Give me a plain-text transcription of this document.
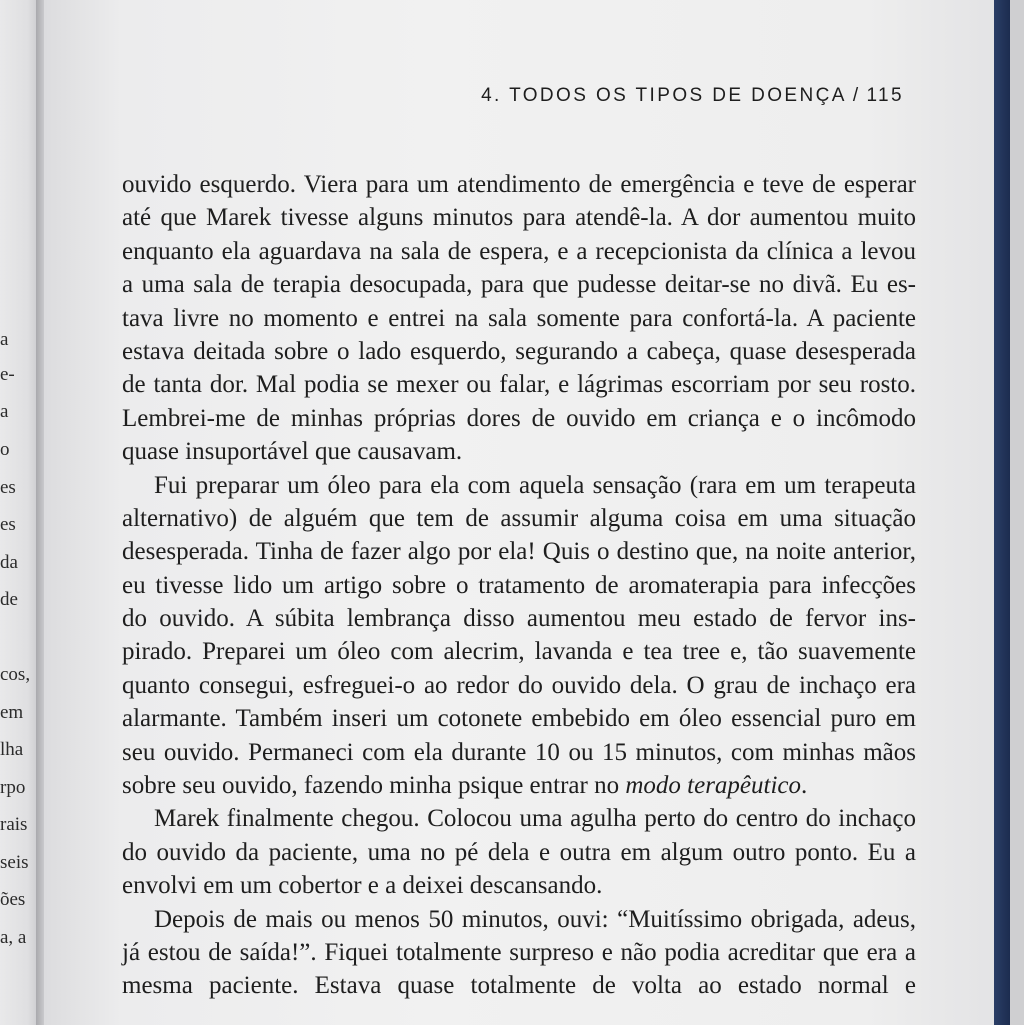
a
e-
a
o
es
es
da
de
cos,
em
lha
rpo
rais
seis
ões
a, a
4. TODOS OS TIPOS DE DOENÇA / 115
ouvido esquerdo. Viera para um atendimento de emergência e teve de esperar
até que Marek tivesse alguns minutos para atendê-la. A dor aumentou muito
enquanto ela aguardava na sala de espera, e a recepcionista da clínica a levou
a uma sala de terapia desocupada, para que pudesse deitar-se no divã. Eu es-
tava livre no momento e entrei na sala somente para confortá-la. A paciente
estava deitada sobre o lado esquerdo, segurando a cabeça, quase desesperada
de tanta dor. Mal podia se mexer ou falar, e lágrimas escorriam por seu rosto.
Lembrei-me de minhas próprias dores de ouvido em criança e o incômodo
quase insuportável que causavam.
Fui preparar um óleo para ela com aquela sensação (rara em um terapeuta
alternativo) de alguém que tem de assumir alguma coisa em uma situação
desesperada. Tinha de fazer algo por ela! Quis o destino que, na noite anterior,
eu tivesse lido um artigo sobre o tratamento de aromaterapia para infecções
do ouvido. A súbita lembrança disso aumentou meu estado de fervor ins-
pirado. Preparei um óleo com alecrim, lavanda e tea tree e, tão suavemente
quanto consegui, esfreguei-o ao redor do ouvido dela. O grau de inchaço era
alarmante. Também inseri um cotonete embebido em óleo essencial puro em
seu ouvido. Permaneci com ela durante 10 ou 15 minutos, com minhas mãos
sobre seu ouvido, fazendo minha psique entrar no modo terapêutico.
Marek finalmente chegou. Colocou uma agulha perto do centro do inchaço
do ouvido da paciente, uma no pé dela e outra em algum outro ponto. Eu a
envolvi em um cobertor e a deixei descansando.
Depois de mais ou menos 50 minutos, ouvi: “Muitíssimo obrigada, adeus,
já estou de saída!”. Fiquei totalmente surpreso e não podia acreditar que era a
mesma paciente. Estava quase totalmente de volta ao estado normal e
